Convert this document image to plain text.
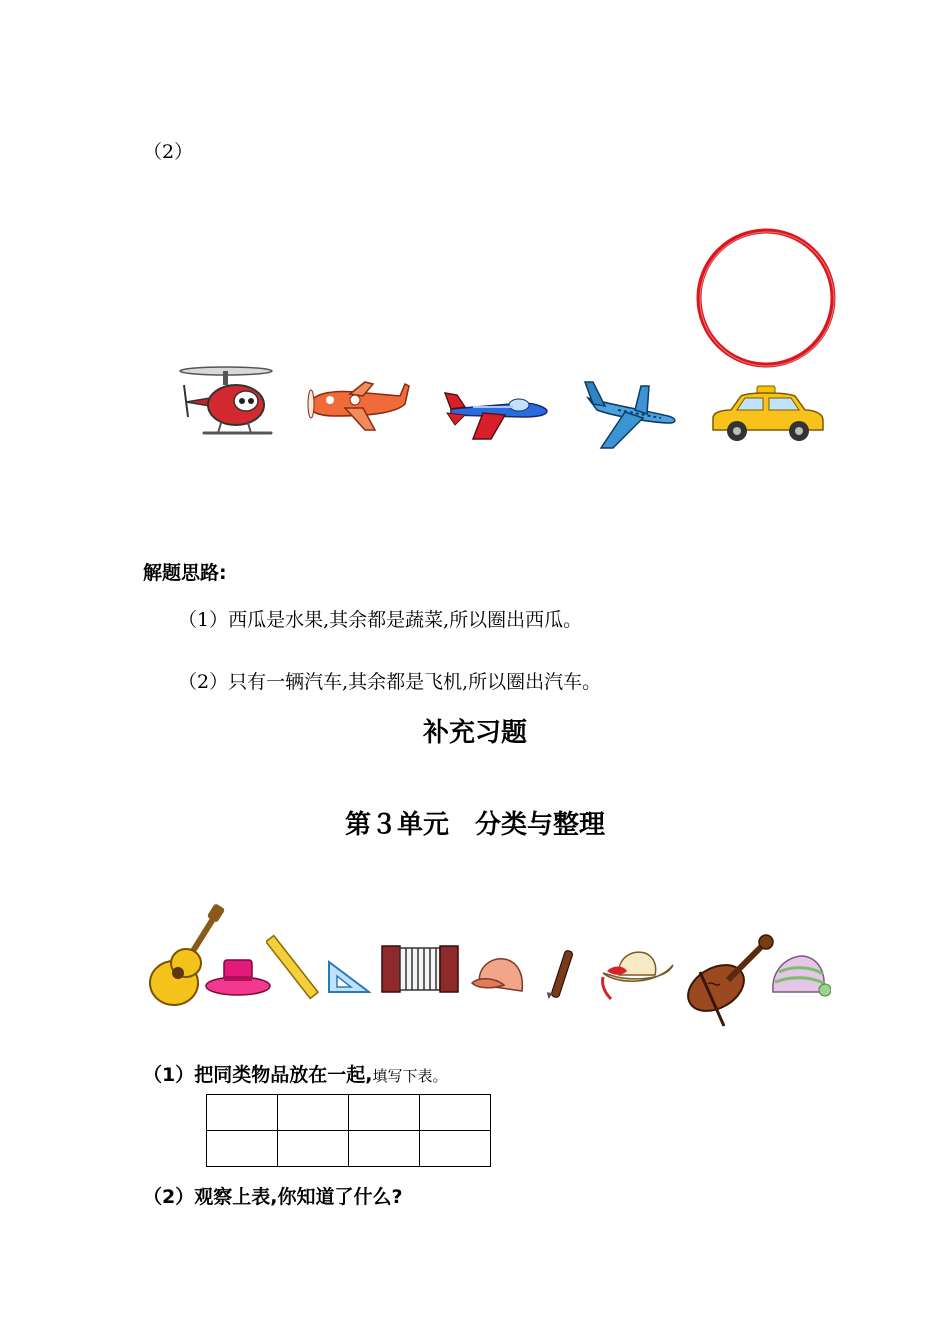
（2）
解题思路:
（1）西瓜是水果,其余都是蔬菜,所以圈出西瓜。
（2）只有一辆汽车,其余都是飞机,所以圈出汽车。
补充习题
第３单元　分类与整理
（1）把同类物品放在一起,填写下表。

（2）观察上表,你知道了什么?
